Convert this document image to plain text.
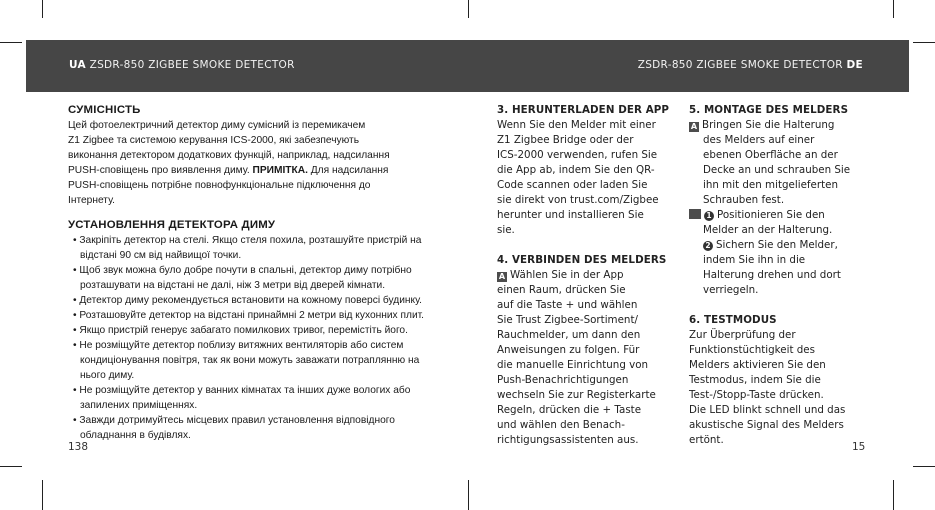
UA ZSDR-850 ZIGBEE SMOKE DETECTOR	ZSDR-850 ZIGBEE SMOKE DETECTOR DE
СУМІСНІСТЬ

Цей фотоелектричний детектор диму сумісний із перемикачем

Z1 Zigbee та системою керування ICS-2000, які забезпечують

виконання детектором додаткових функцій, наприклад, надсилання

PUSH-сповіщень про виявлення диму. ПРИМІТКА. Для надсилання

PUSH-сповіщень потрібне повнофункціональне підключення до

Інтернету.

УСТАНОВЛЕННЯ ДЕТЕКТОРА ДИМУ
• Закріпіть детектор на стелі. Якщо стеля похила, розташуйте пристрій на відстані 90 см від найвищої точки.
• Щоб звук можна було добре почути в спальні, детектор диму потрібно розташувати на відстані не далі, ніж 3 метри від дверей кімнати.
• Детектор диму рекомендується встановити на кожному поверсі будинку.
• Розташовуйте детектор на відстані принаймні 2 метри від кухонних плит.
• Якщо пристрій генерує забагато помилкових тривог, перемістіть його.
• Не розміщуйте детектор поблизу витяжних вентиляторів або систем кондиціонування повітря, так як вони можуть заважати потраплянню на нього диму.
• Не розміщуйте детектор у ванних кімнатах та інших дуже вологих або запилених приміщеннях.
• Завжди дотримуйтесь місцевих правил установлення відповідного обладнання в будівлях.
3. HERUNTERLADEN DER APP

Wenn Sie den Melder mit einer

Z1 Zigbee Bridge oder der

ICS-2000 verwenden, rufen Sie

die App ab, indem Sie den QR-

Code scannen oder laden Sie

sie direkt von trust.com/Zigbee

herunter und installieren Sie

sie.

4. VERBINDEN DES MELDERS

A Wählen Sie in der App

einen Raum, drücken Sie

auf die Taste + und wählen

Sie Trust Zigbee-Sortiment/

Rauchmelder, um dann den

Anweisungen zu folgen. Für

die manuelle Einrichtung von

Push-Benachrichtigungen

wechseln Sie zur Registerkarte

Regeln, drücken die + Taste

und wählen den Benach-

richtigungsassistenten aus.

5. MONTAGE DES MELDERS

A Bringen Sie die Halterung

des Melders auf einer

ebenen Oberfläche an der

Decke an und schrauben Sie

ihn mit den mitgelieferten

Schrauben fest.

1 Positionieren Sie den

Melder an der Halterung.

2 Sichern Sie den Melder,

indem Sie ihn in die

Halterung drehen und dort

verriegeln.

6. TESTMODUS

Zur Überprüfung der

Funktionstüchtigkeit des

Melders aktivieren Sie den

Testmodus, indem Sie die

Test-/Stopp-Taste drücken.

Die LED blinkt schnell und das

akustische Signal des Melders

ertönt.

138	15
